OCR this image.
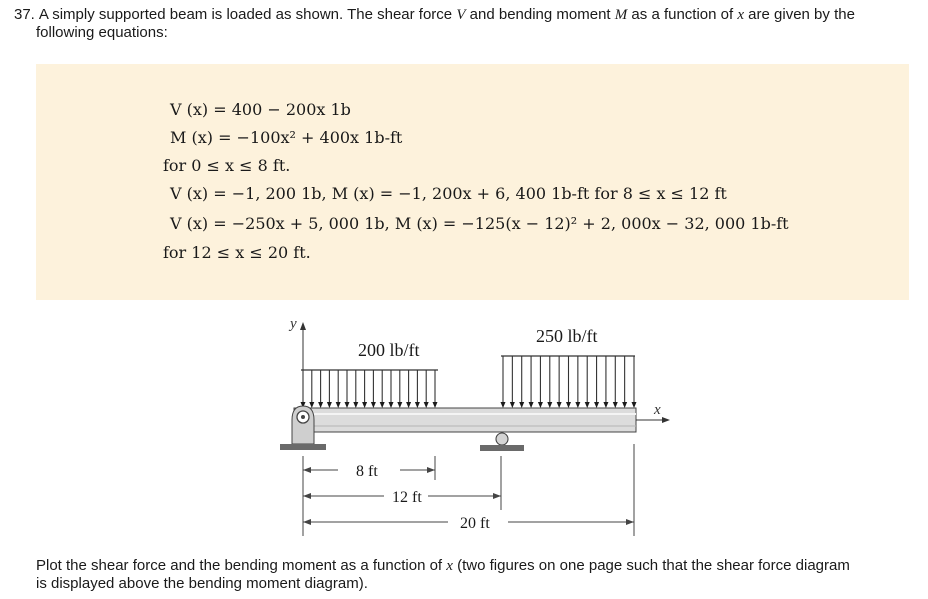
37. A simply supported beam is loaded as shown. The shear force V and bending moment M as a function of x are given by the
following equations:
V (x) = 400 − 200x 1b
M (x) = −100x² + 400x 1b-ft
for 0 ≤ x ≤ 8 ft.
V (x) = −1, 200 1b, M (x) = −1, 200x + 6, 400 1b-ft for 8 ≤ x ≤ 12 ft
V (x) = −250x + 5, 000 1b, M (x) = −125(x − 12)² + 2, 000x − 32, 000 1b-ft
for 12 ≤ x ≤ 20 ft.
y
200 lb/ft
250 lb/ft
x
8 ft
12 ft
20 ft
Plot the shear force and the bending moment as a function of x (two figures on one page such that the shear force diagram
is displayed above the bending moment diagram).
